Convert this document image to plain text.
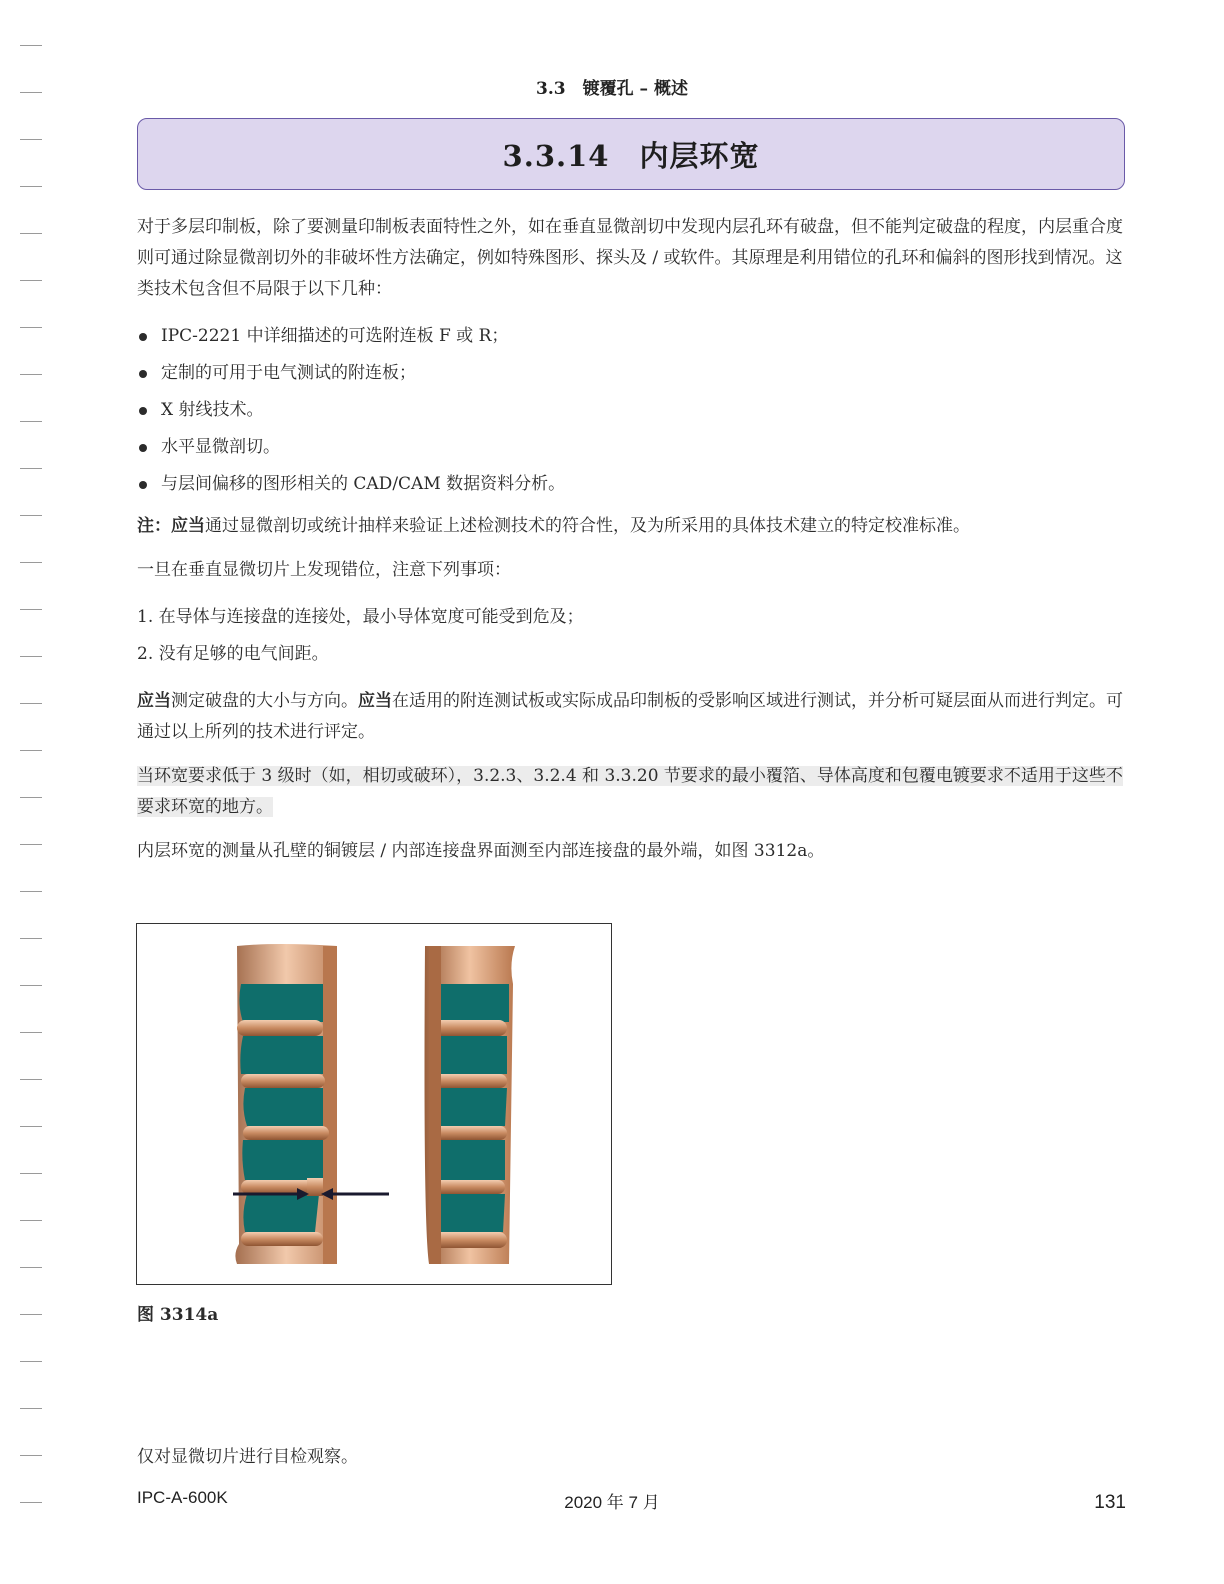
3.3　镀覆孔 – 概述
3.3.14　内层环宽

对于多层印制板，除了要测量印制板表面特性之外，如在垂直显微剖切中发现内层孔环有破盘，但不能判定破盘的程度，内层重合度则可通过除显微剖切外的非破坏性方法确定，例如特殊图形、探头及 / 或软件。其原理是利用错位的孔环和偏斜的图形找到情况。这类技术包含但不局限于以下几种：

IPC-2221 中详细描述的可选附连板 F 或 R；
定制的可用于电气测试的附连板；
X 射线技术。
水平显微剖切。
与层间偏移的图形相关的 CAD/CAM 数据资料分析。

注：应当通过显微剖切或统计抽样来验证上述检测技术的符合性，及为所采用的具体技术建立的特定校准标准。

一旦在垂直显微切片上发现错位，注意下列事项：

1. 在导体与连接盘的连接处，最小导体宽度可能受到危及；
2. 没有足够的电气间距。

应当测定破盘的大小与方向。应当在适用的附连测试板或实际成品印制板的受影响区域进行测试，并分析可疑层面从而进行判定。可通过以上所列的技术进行评定。

当环宽要求低于 3 级时（如，相切或破环），3.2.3、3.2.4 和 3.3.20 节要求的最小覆箔、导体高度和包覆电镀要求不适用于这些不要求环宽的地方。

内层环宽的测量从孔壁的铜镀层 / 内部连接盘界面测至内部连接盘的最外端，如图 3312a。

图 3314a
仅对显微切片进行目检观察。
IPC-A-600K	2020 年 7 月	131
